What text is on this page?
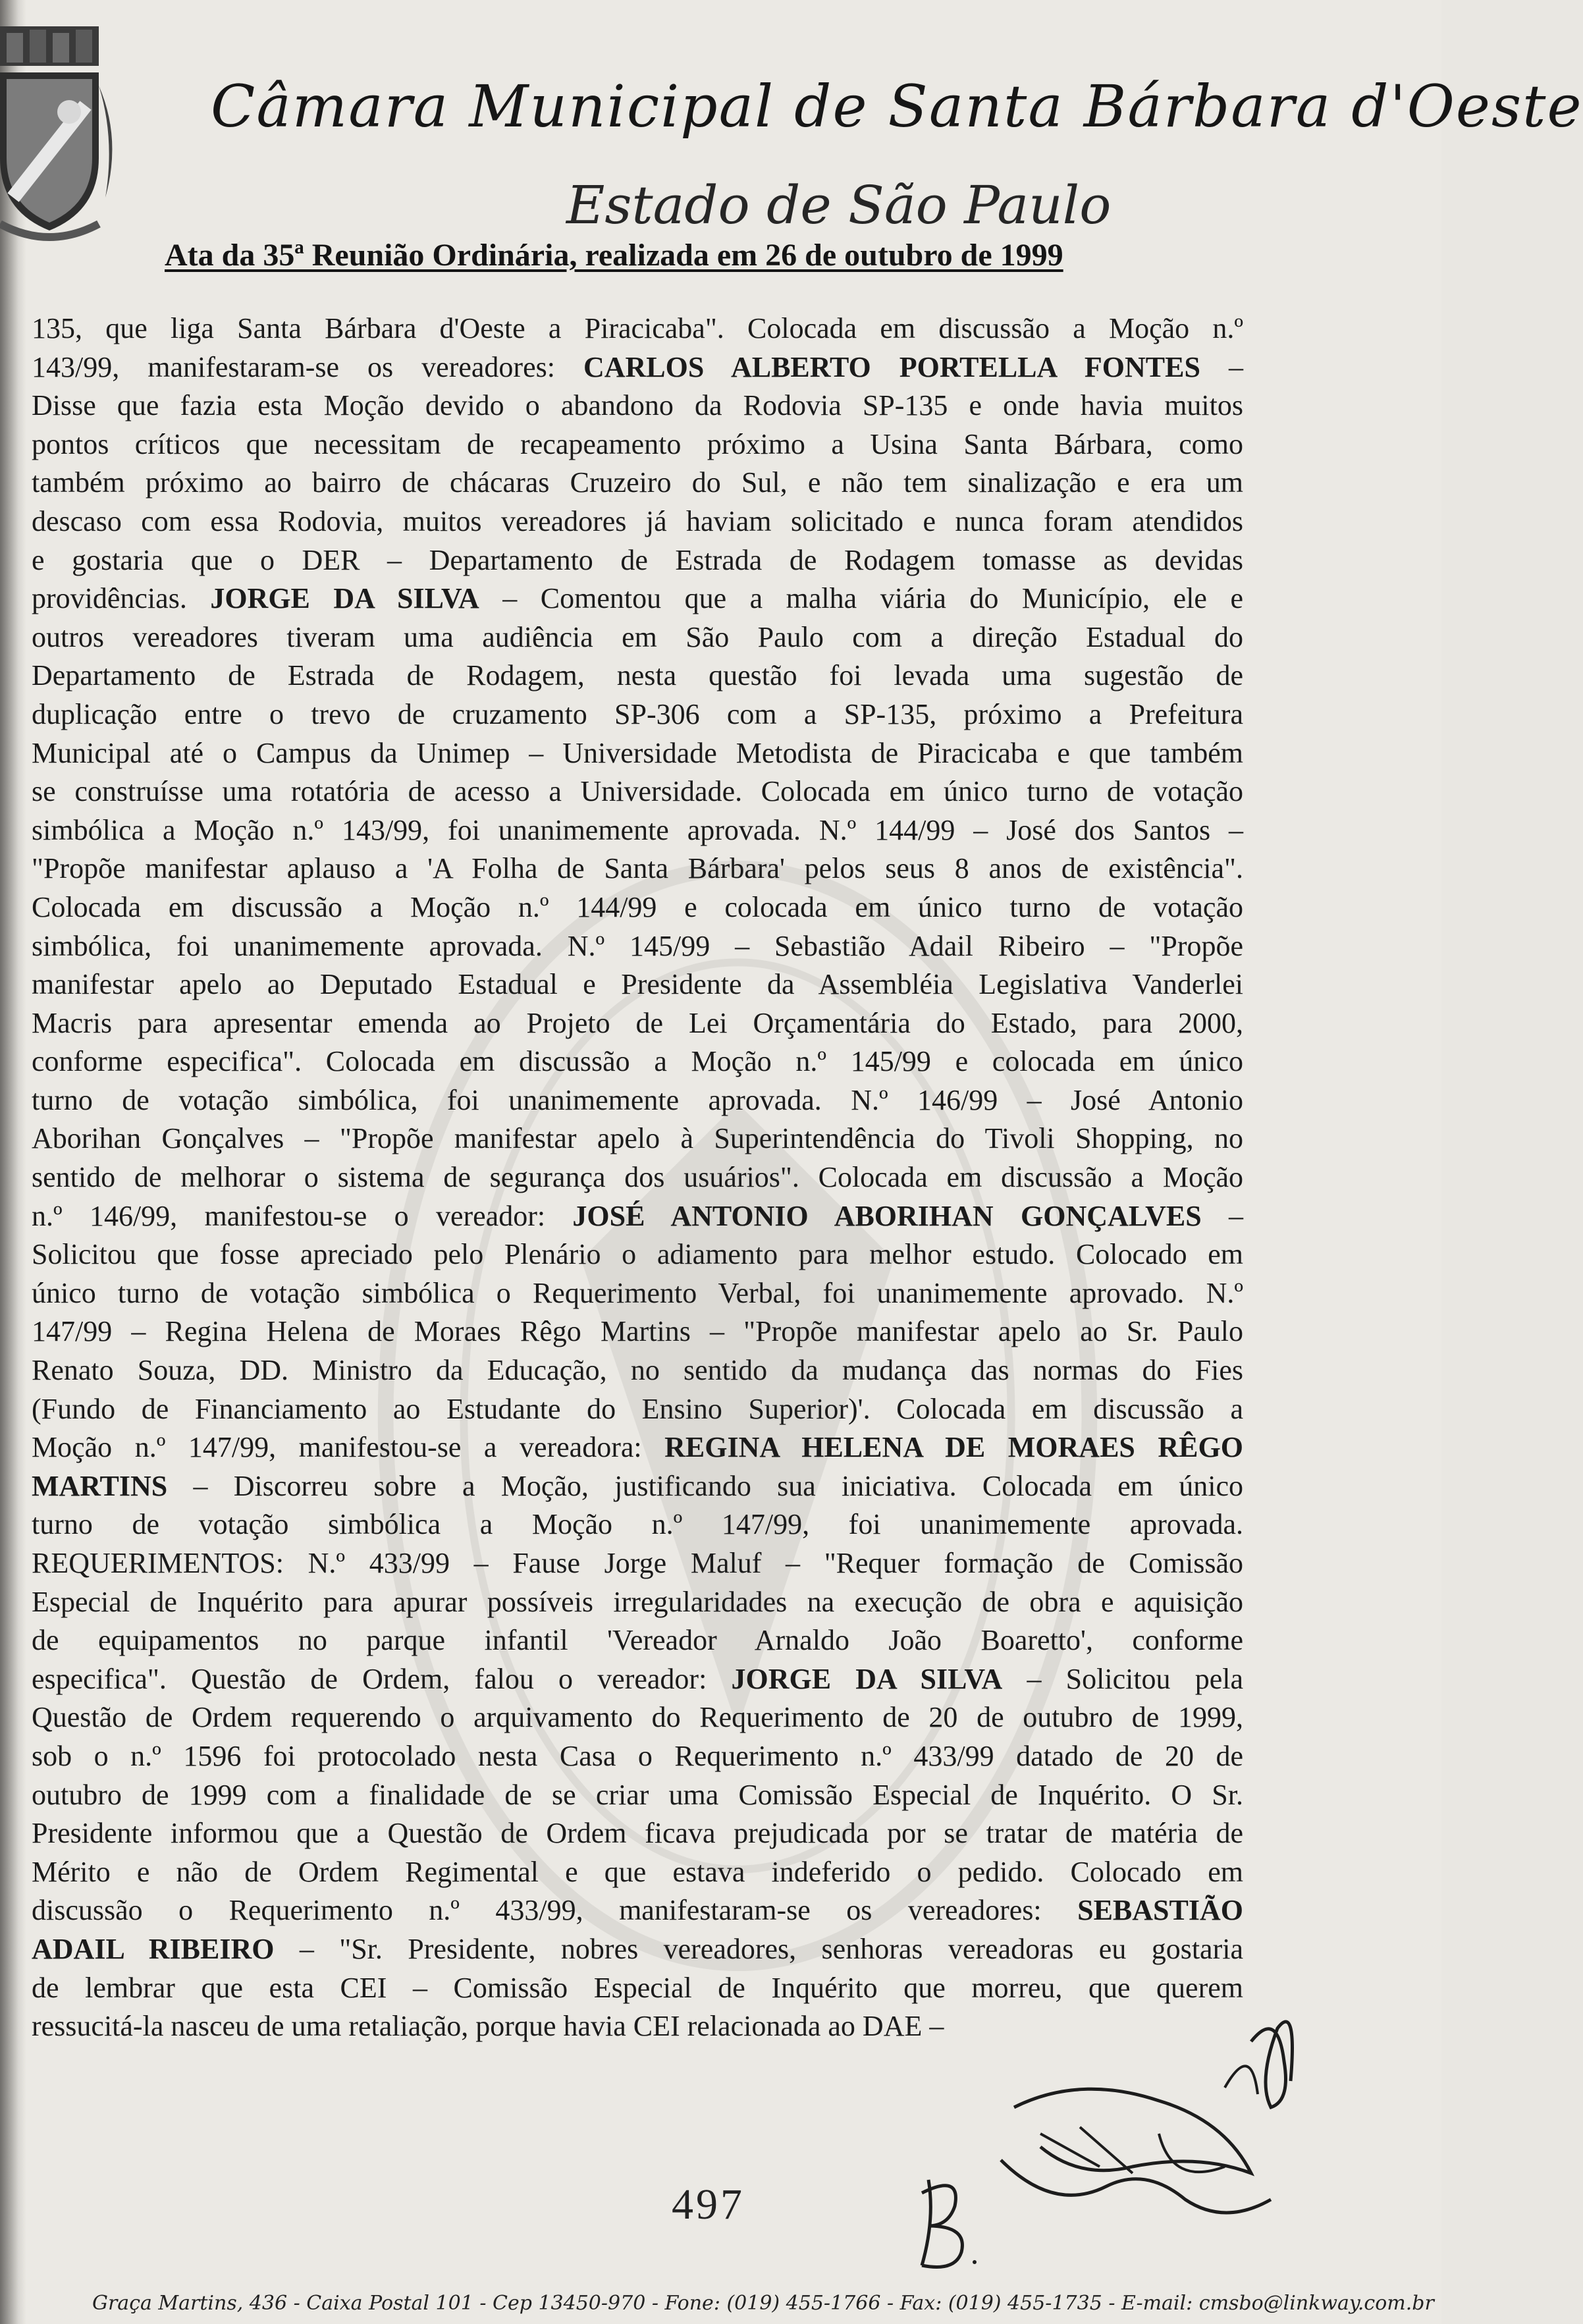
Câmara Municipal de Santa Bárbara d'Oeste
Estado de São Paulo
Ata da 35ª Reunião Ordinária, realizada em 26 de outubro de 1999
135, que liga Santa Bárbara d'Oeste a Piracicaba". Colocada em discussão a Moção n.º
143/99, manifestaram-se os vereadores: CARLOS ALBERTO PORTELLA FONTES –
Disse que fazia esta Moção devido o abandono da Rodovia SP-135 e onde havia muitos
pontos críticos que necessitam de recapeamento próximo a Usina Santa Bárbara, como
também próximo ao bairro de chácaras Cruzeiro do Sul, e não tem sinalização e era um
descaso com essa Rodovia, muitos vereadores já haviam solicitado e nunca foram atendidos
e gostaria que o DER – Departamento de Estrada de Rodagem tomasse as devidas
providências. JORGE DA SILVA – Comentou que a malha viária do Município, ele e
outros vereadores tiveram uma audiência em São Paulo com a direção Estadual do
Departamento de Estrada de Rodagem, nesta questão foi levada uma sugestão de
duplicação entre o trevo de cruzamento SP-306 com a SP-135, próximo a Prefeitura
Municipal até o Campus da Unimep – Universidade Metodista de Piracicaba e que também
se construísse uma rotatória de acesso a Universidade. Colocada em único turno de votação
simbólica a Moção n.º 143/99, foi unanimemente aprovada. N.º 144/99 – José dos Santos –
"Propõe manifestar aplauso a 'A Folha de Santa Bárbara' pelos seus 8 anos de existência".
Colocada em discussão a Moção n.º 144/99 e colocada em único turno de votação
simbólica, foi unanimemente aprovada. N.º 145/99 – Sebastião Adail Ribeiro – "Propõe
manifestar apelo ao Deputado Estadual e Presidente da Assembléia Legislativa Vanderlei
Macris para apresentar emenda ao Projeto de Lei Orçamentária do Estado, para 2000,
conforme especifica". Colocada em discussão a Moção n.º 145/99 e colocada em único
turno de votação simbólica, foi unanimemente aprovada. N.º 146/99 – José Antonio
Aborihan Gonçalves – "Propõe manifestar apelo à Superintendência do Tivoli Shopping, no
sentido de melhorar o sistema de segurança dos usuários". Colocada em discussão a Moção
n.º 146/99, manifestou-se o vereador: JOSÉ ANTONIO ABORIHAN GONÇALVES –
Solicitou que fosse apreciado pelo Plenário o adiamento para melhor estudo. Colocado em
único turno de votação simbólica o Requerimento Verbal, foi unanimemente aprovado. N.º
147/99 – Regina Helena de Moraes Rêgo Martins – "Propõe manifestar apelo ao Sr. Paulo
Renato Souza, DD. Ministro da Educação, no sentido da mudança das normas do Fies
(Fundo de Financiamento ao Estudante do Ensino Superior)'. Colocada em discussão a
Moção n.º 147/99, manifestou-se a vereadora: REGINA HELENA DE MORAES RÊGO
MARTINS – Discorreu sobre a Moção, justificando sua iniciativa. Colocada em único
turno de votação simbólica a Moção n.º 147/99, foi unanimemente aprovada.
REQUERIMENTOS: N.º 433/99 – Fause Jorge Maluf – "Requer formação de Comissão
Especial de Inquérito para apurar possíveis irregularidades na execução de obra e aquisição
de equipamentos no parque infantil 'Vereador Arnaldo João Boaretto', conforme
especifica". Questão de Ordem, falou o vereador: JORGE DA SILVA – Solicitou pela
Questão de Ordem requerendo o arquivamento do Requerimento de 20 de outubro de 1999,
sob o n.º 1596 foi protocolado nesta Casa o Requerimento n.º 433/99 datado de 20 de
outubro de 1999 com a finalidade de se criar uma Comissão Especial de Inquérito. O Sr.
Presidente informou que a Questão de Ordem ficava prejudicada por se tratar de matéria de
Mérito e não de Ordem Regimental e que estava indeferido o pedido. Colocado em
discussão o Requerimento n.º 433/99, manifestaram-se os vereadores: SEBASTIÃO
ADAIL RIBEIRO – "Sr. Presidente, nobres vereadores, senhoras vereadoras eu gostaria
de lembrar que esta CEI – Comissão Especial de Inquérito que morreu, que querem
ressucitá-la nasceu de uma retaliação, porque havia CEI relacionada ao DAE –
497
Graça Martins, 436 - Caixa Postal 101 - Cep 13450-970 - Fone: (019) 455-1766 - Fax: (019) 455-1735 - E-mail: cmsbo@linkway.com.br
